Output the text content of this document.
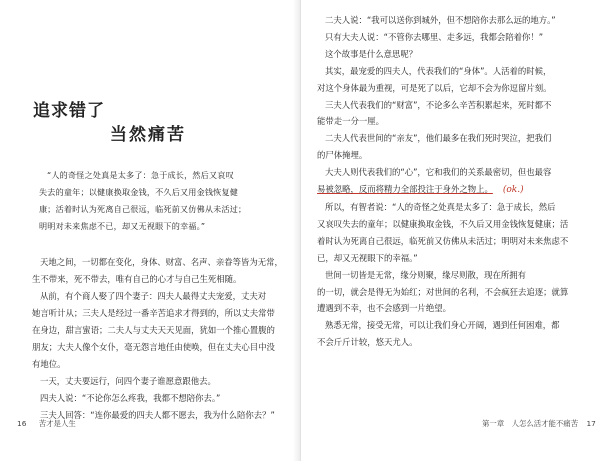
追求错了
当然痛苦
“人的奇怪之处真是太多了：急于成长，然后又哀叹
失去的童年；以健康换取金钱，不久后又用金钱恢复健
康；活着时认为死离自己很远，临死前又仿佛从未活过；
明明对未来焦虑不已，却又无视眼下的幸福。”
天地之间，一切都在变化，身体、财富、名声、亲眷等皆为无常，
生不带来，死不带去，唯有自己的心才与自己生死相随。
从前，有个商人娶了四个妻子：四夫人最得丈夫宠爱，丈夫对
她言听计从；三夫人是经过一番辛苦追求才得到的，所以丈夫常带
在身边，甜言蜜语；二夫人与丈夫天天见面，犹如一个推心置腹的
朋友；大夫人像个女仆，毫无怨言地任由使唤，但在丈夫心目中没
有地位。
一天，丈夫要远行，问四个妻子谁愿意跟他去。
四夫人说：“不论你怎么疼我，我都不想陪你去。”
三夫人回答：“连你最爱的四夫人都不愿去，我为什么陪你去？”
16 苦才是人生
二夫人说：“我可以送你到城外，但不想陪你去那么远的地方。”
只有大夫人说：“不管你去哪里、走多远，我都会陪着你！”
这个故事是什么意思呢？
其实，最宠爱的四夫人，代表我们的“身体”。人活着的时候，
对这个身体最为重视，可是死了以后，它却不会为你逗留片刻。
三夫人代表我们的“财富”，不论多么辛苦积累起来，死时都不
能带走一分一厘。
二夫人代表世间的“亲友”，他们最多在我们死时哭泣，把我们
的尸体掩埋。
大夫人则代表我们的“心”，它和我们的关系最密切，但也最容
易被忽略，反而将精力全部投注于身外之物上。 (ok.)
所以，有智者说：“人的奇怪之处真是太多了：急于成长，然后
又哀叹失去的童年；以健康换取金钱，不久后又用金钱恢复健康；活
着时认为死离自己很远，临死前又仿佛从未活过；明明对未来焦虑不
已，却又无视眼下的幸福。”
世间一切皆是无常，缘分则聚，缘尽则散，现在所拥有
的一切，就会是得无为始红；对世间的名利，不会疯狂去追逐；就算
遭遇到不幸，也不会感到一片绝望。
熟悉无常，接受无常，可以让我们身心开阔，遇到任何困难，都
不会斤斤计较，悠天尤人。
第一章　人怎么活才能不痛苦 17
